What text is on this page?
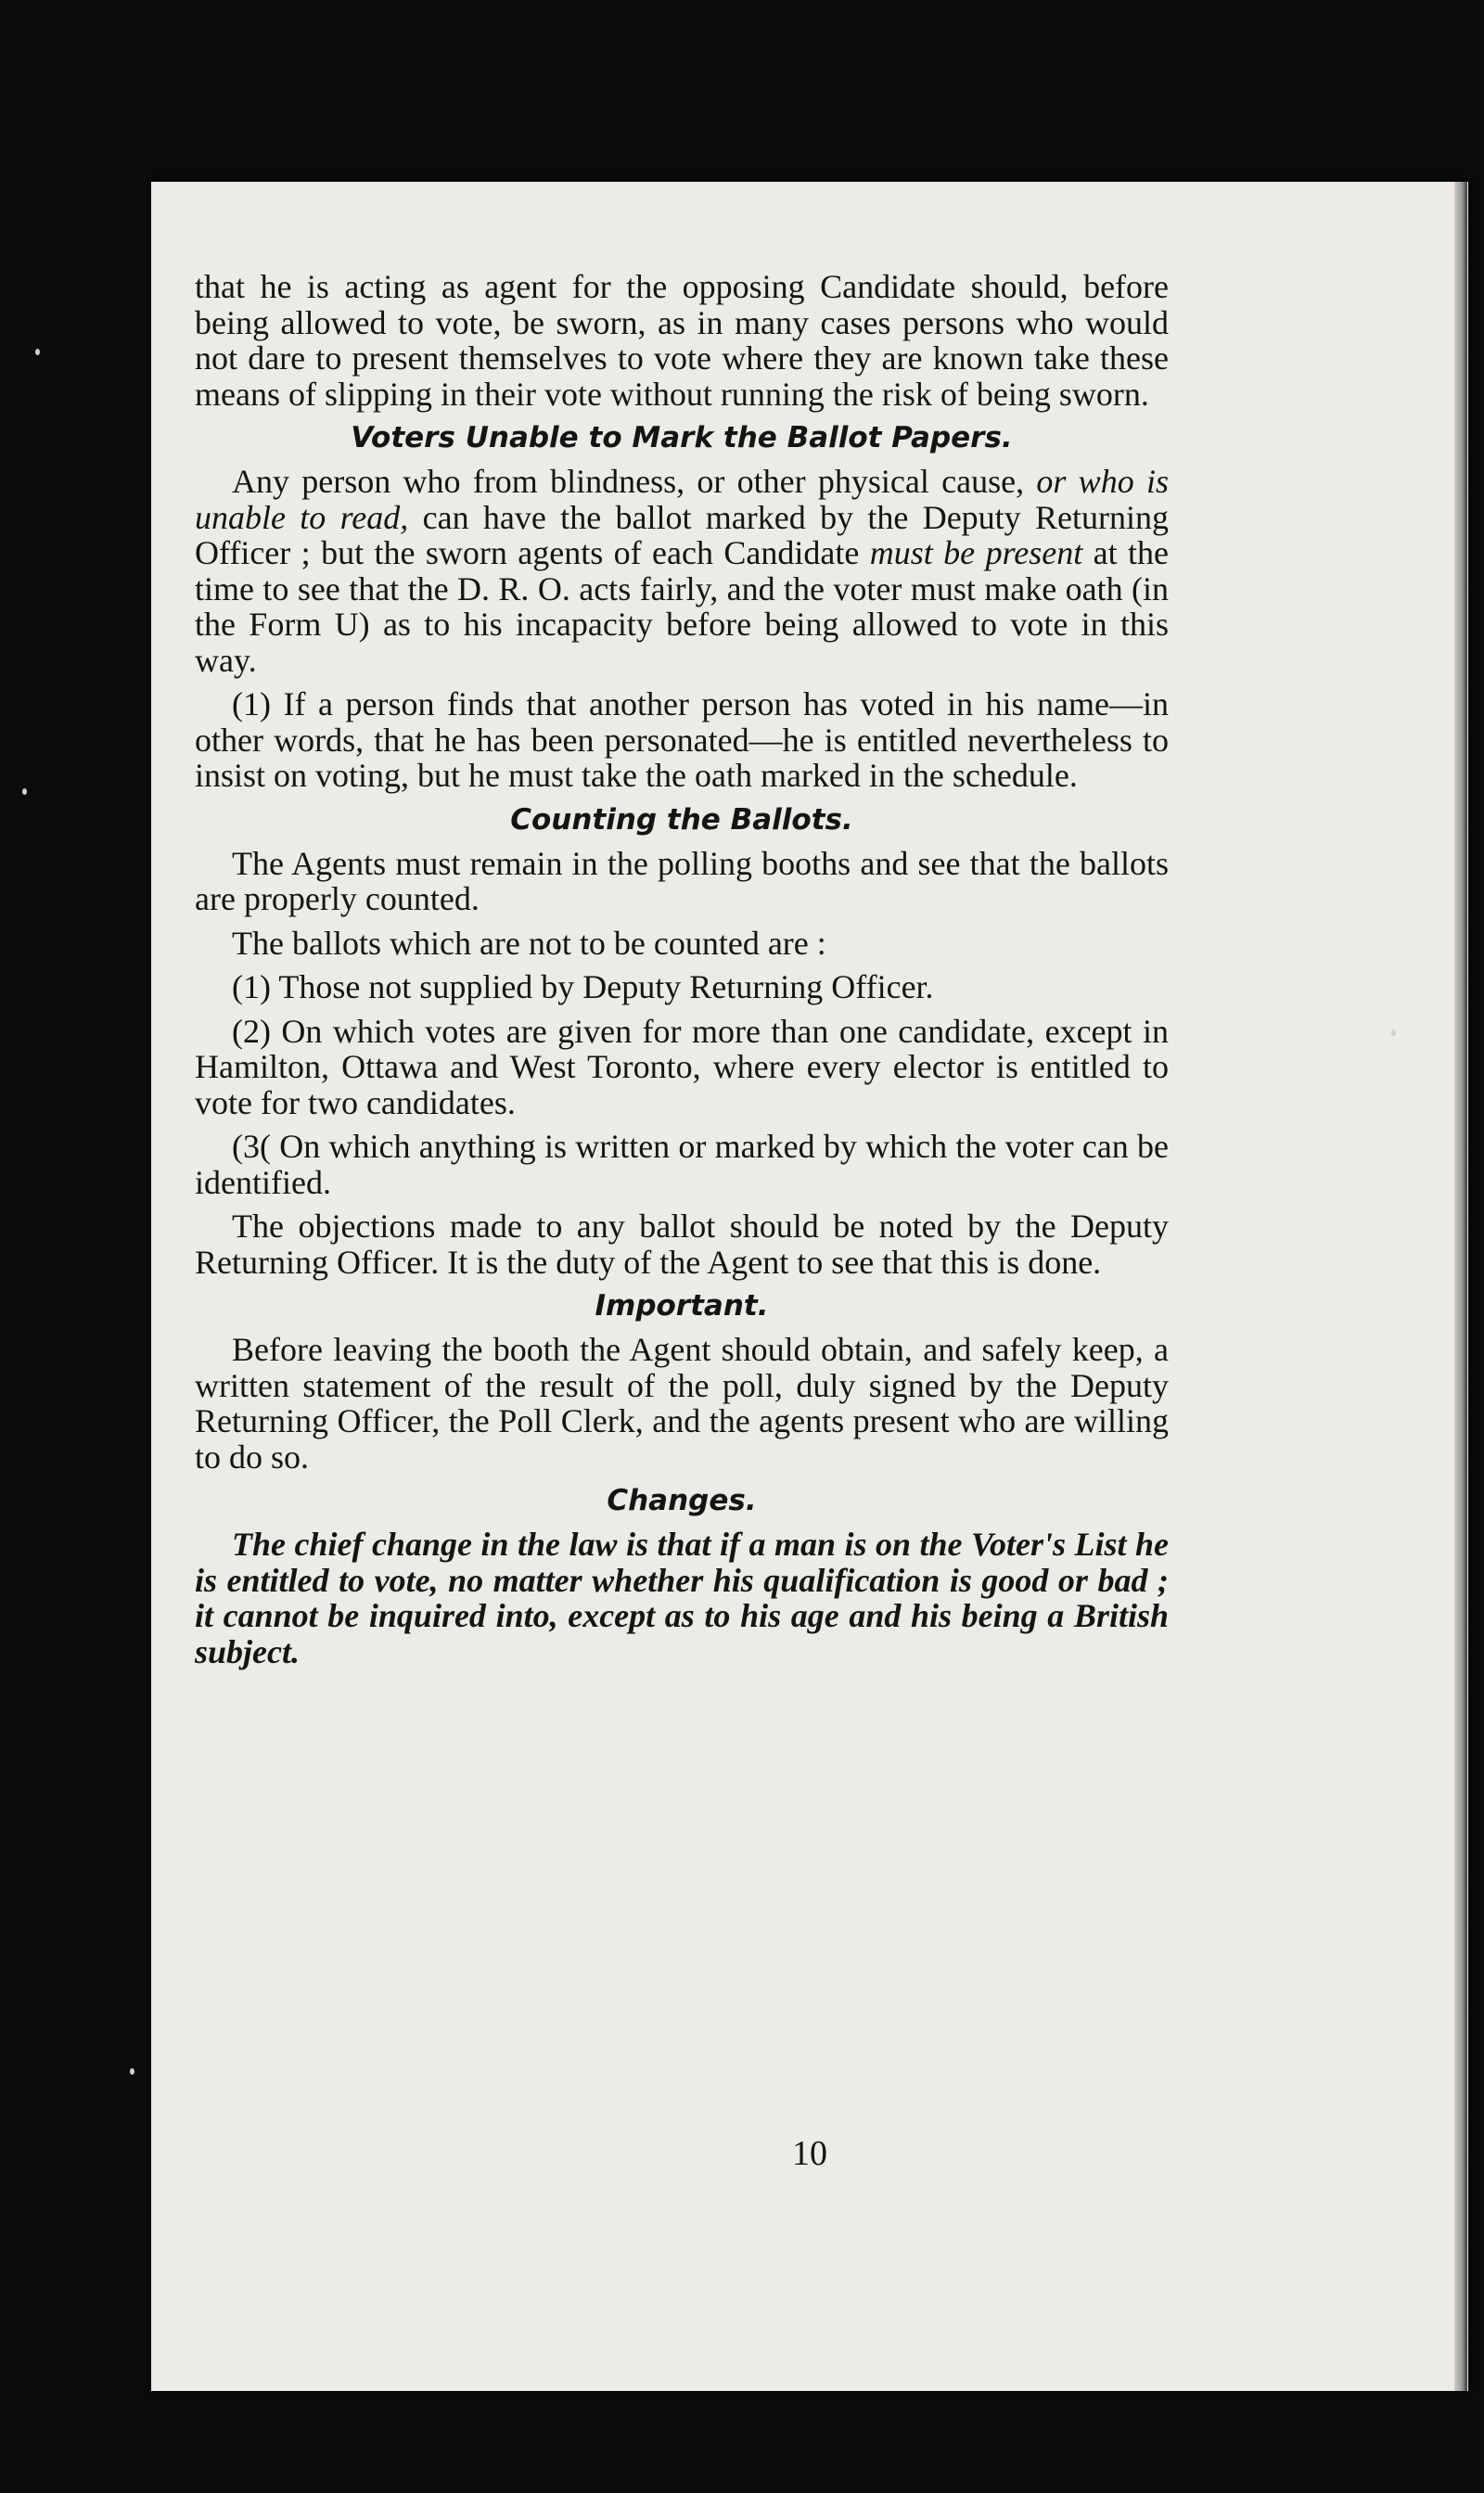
that he is acting as agent for the opposing Candidate should, before being allowed to vote, be sworn, as in many cases persons who would not dare to present themselves to vote where they are known take these means of slipping in their vote without running the risk of being sworn.

Voters Unable to Mark the Ballot Papers.

Any person who from blindness, or other physical cause, or who is unable to read, can have the ballot marked by the Deputy Returning Officer ; but the sworn agents of each Candidate must be present at the time to see that the D. R. O. acts fairly, and the voter must make oath (in the Form U) as to his incapacity before being allowed to vote in this way.

(1) If a person finds that another person has voted in his name—in other words, that he has been personated—he is entitled nevertheless to insist on voting, but he must take the oath marked in the schedule.

Counting the Ballots.

The Agents must remain in the polling booths and see that the ballots are properly counted.

The ballots which are not to be counted are :

(1) Those not supplied by Deputy Returning Officer.

(2) On which votes are given for more than one candidate, except in Hamilton, Ottawa and West Toronto, where every elector is entitled to vote for two candidates.

(3( On which anything is written or marked by which the voter can be identified.

The objections made to any ballot should be noted by the Deputy Returning Officer. It is the duty of the Agent to see that this is done.

Important.

Before leaving the booth the Agent should obtain, and safely keep, a written statement of the result of the poll, duly signed by the Deputy Returning Officer, the Poll Clerk, and the agents present who are willing to do so.

Changes.

The chief change in the law is that if a man is on the Voter's List he is entitled to vote, no matter whether his qualification is good or bad ; it cannot be inquired into, except as to his age and his being a British subject.

10
